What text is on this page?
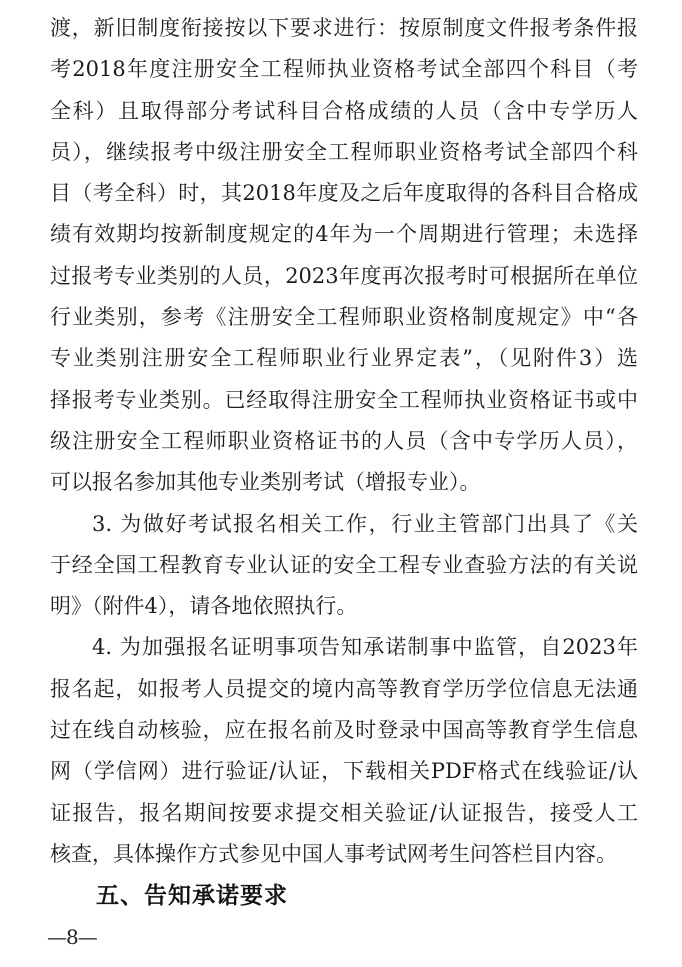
渡，新旧制度衔接按以下要求进行：按原制度文件报考条件报
考2018年度注册安全工程师执业资格考试全部四个科目（考
全科）且取得部分考试科目合格成绩的人员（含中专学历人
员），继续报考中级注册安全工程师职业资格考试全部四个科
目（考全科）时，其2018年度及之后年度取得的各科目合格成
绩有效期均按新制度规定的4年为一个周期进行管理；未选择
过报考专业类别的人员，2023年度再次报考时可根据所在单位
行业类别，参考《注册安全工程师职业资格制度规定》中“各
专业类别注册安全工程师职业行业界定表”，（见附件3）选
择报考专业类别。已经取得注册安全工程师执业资格证书或中
级注册安全工程师职业资格证书的人员（含中专学历人员），
可以报名参加其他专业类别考试（增报专业）。
3. 为做好考试报名相关工作，行业主管部门出具了《关
于经全国工程教育专业认证的安全工程专业查验方法的有关说
明》（附件4），请各地依照执行。
4. 为加强报名证明事项告知承诺制事中监管，自2023年
报名起，如报考人员提交的境内高等教育学历学位信息无法通
过在线自动核验，应在报名前及时登录中国高等教育学生信息
网（学信网）进行验证/认证，下载相关PDF格式在线验证/认
证报告，报名期间按要求提交相关验证/认证报告，接受人工
核查，具体操作方式参见中国人事考试网考生问答栏目内容。
五、告知承诺要求
—8—
